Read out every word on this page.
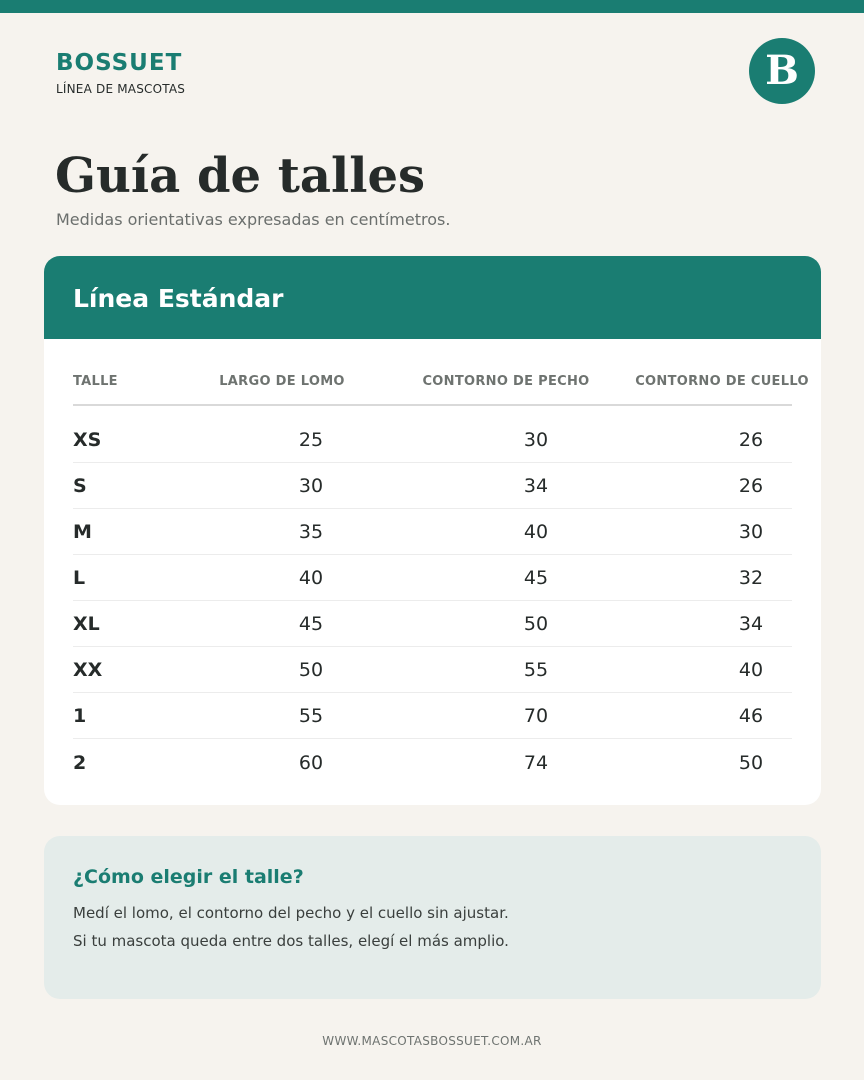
BOSSUET
LÍNEA DE MASCOTAS	B
Guía de talles
Medidas orientativas expresadas en centímetros.
Línea Estándar
TALLE	LARGO DE LOMO	CONTORNO DE PECHO	CONTORNO DE CUELLO
XS	25	30	26
S	30	34	26
M	35	40	30
L	40	45	32
XL	45	50	34
XX	50	55	40
1	55	70	46
2	60	74	50
¿Cómo elegir el talle?
Medí el lomo, el contorno del pecho y el cuello sin ajustar.
Si tu mascota queda entre dos talles, elegí el más amplio.
WWW.MASCOTASBOSSUET.COM.AR
